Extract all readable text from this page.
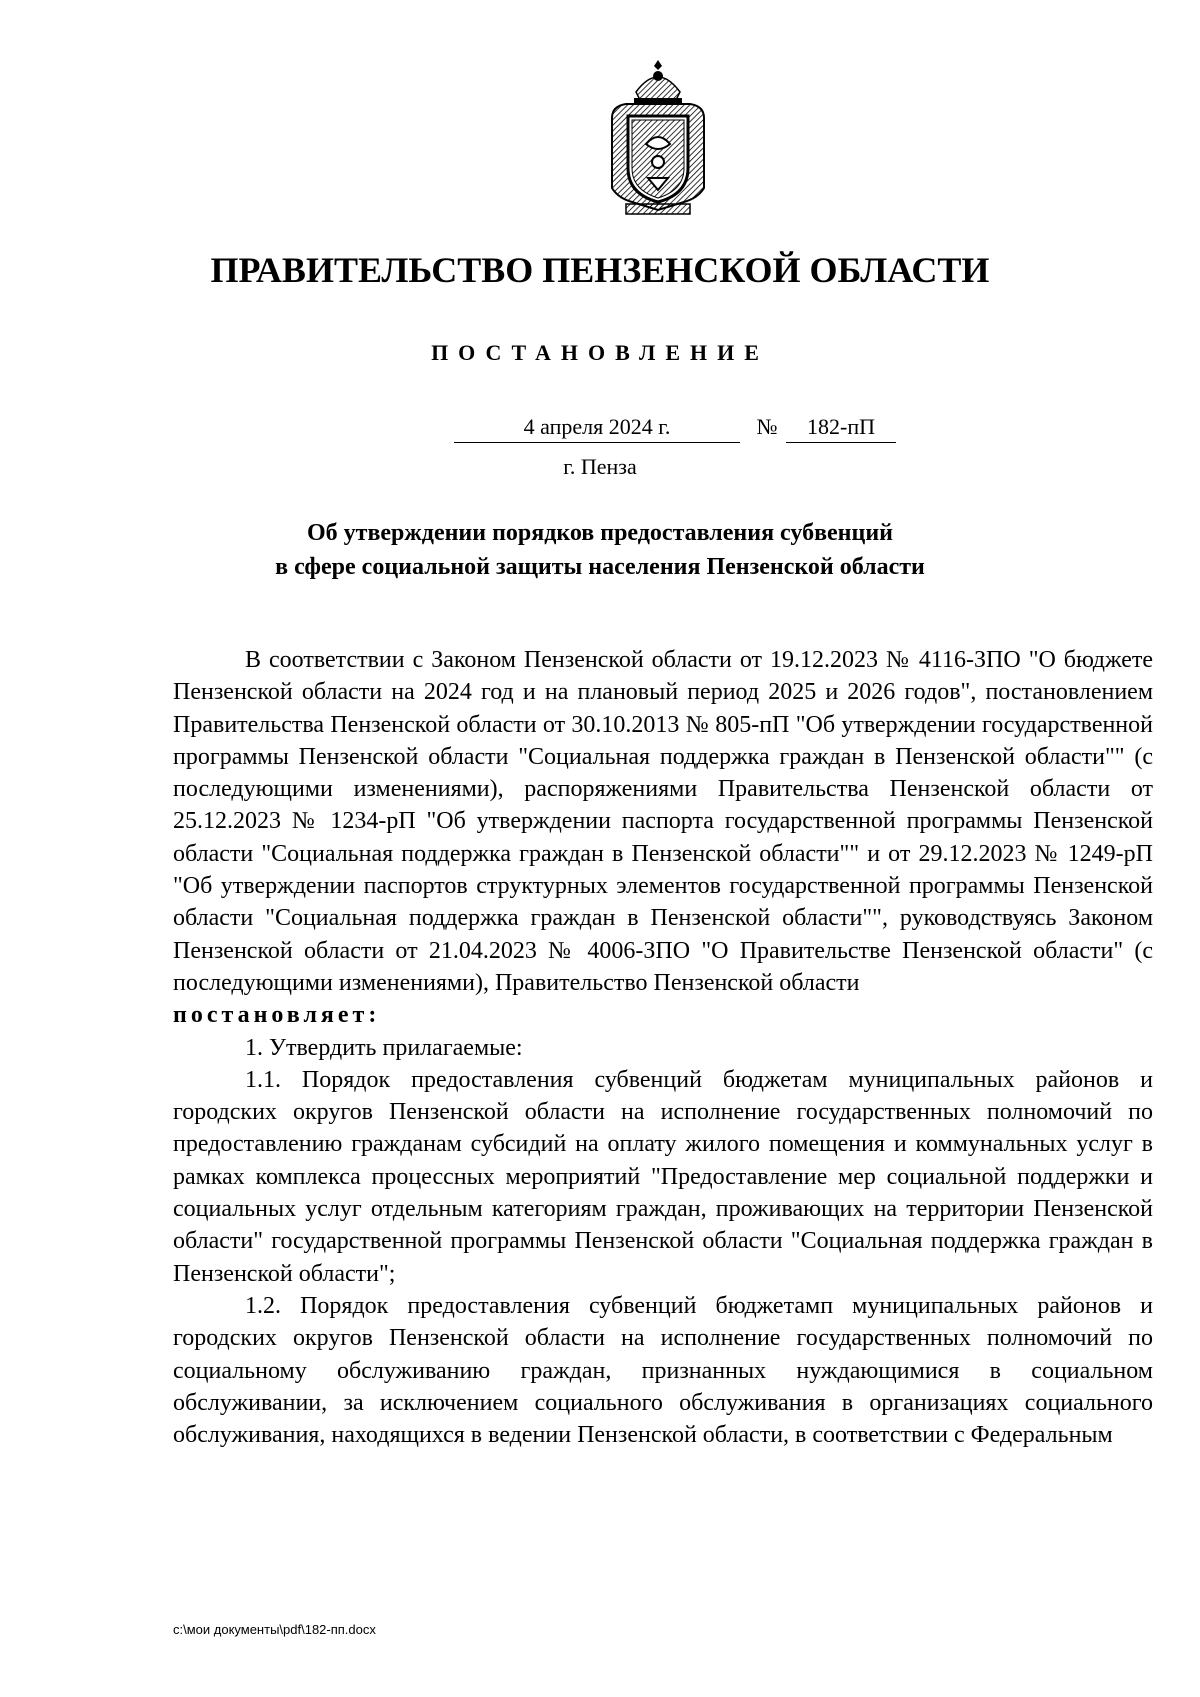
ПРАВИТЕЛЬСТВО ПЕНЗЕНСКОЙ ОБЛАСТИ
ПОСТАНОВЛЕНИЕ
4 апреля 2024 г.	№	182-пП
г. Пенза
Об утверждении порядков предоставления субвенций
в сфере социальной защиты населения Пензенской области

В соответствии с Законом Пензенской области от 19.12.2023 № 4116-ЗПО "О бюджете Пензенской области на 2024 год и на плановый период 2025 и 2026 годов", постановлением Правительства Пензенской области от 30.10.2013 № 805-пП "Об утверждении государственной программы Пензенской области "Социальная поддержка граждан в Пензенской области"" (с последующими изменениями), распоряжениями Правительства Пензенской области от 25.12.2023 № 1234-рП "Об утверждении паспорта государственной программы Пензенской области "Социальная поддержка граждан в Пензенской области"" и от 29.12.2023 № 1249-рП "Об утверждении паспортов структурных элементов государственной программы Пензенской области "Социальная поддержка граждан в Пензенской области"", руководствуясь Законом Пензенской области от 21.04.2023 № 4006-ЗПО "О Правительстве Пензенской области" (с последующими изменениями), Правительство Пензенской области

постановляет:

1. Утвердить прилагаемые:

1.1. Порядок предоставления субвенций бюджетам муниципальных районов и городских округов Пензенской области на исполнение государственных полномочий по предоставлению гражданам субсидий на оплату жилого помещения и коммунальных услуг в рамках комплекса процессных мероприятий "Предоставление мер социальной поддержки и социальных услуг отдельным категориям граждан, проживающих на территории Пензенской области" государственной программы Пензенской области "Социальная поддержка граждан в Пензенской области";

1.2. Порядок предоставления субвенций бюджетамп муниципальных районов и городских округов Пензенской области на исполнение государственных полномочий по социальному обслуживанию граждан, признанных нуждающимися в социальном обслуживании, за исключением социального обслуживания в организациях социального обслуживания, находящихся в ведении Пензенской области, в соответствии с Федеральным

c:\мои документы\pdf\182-пп.docx
